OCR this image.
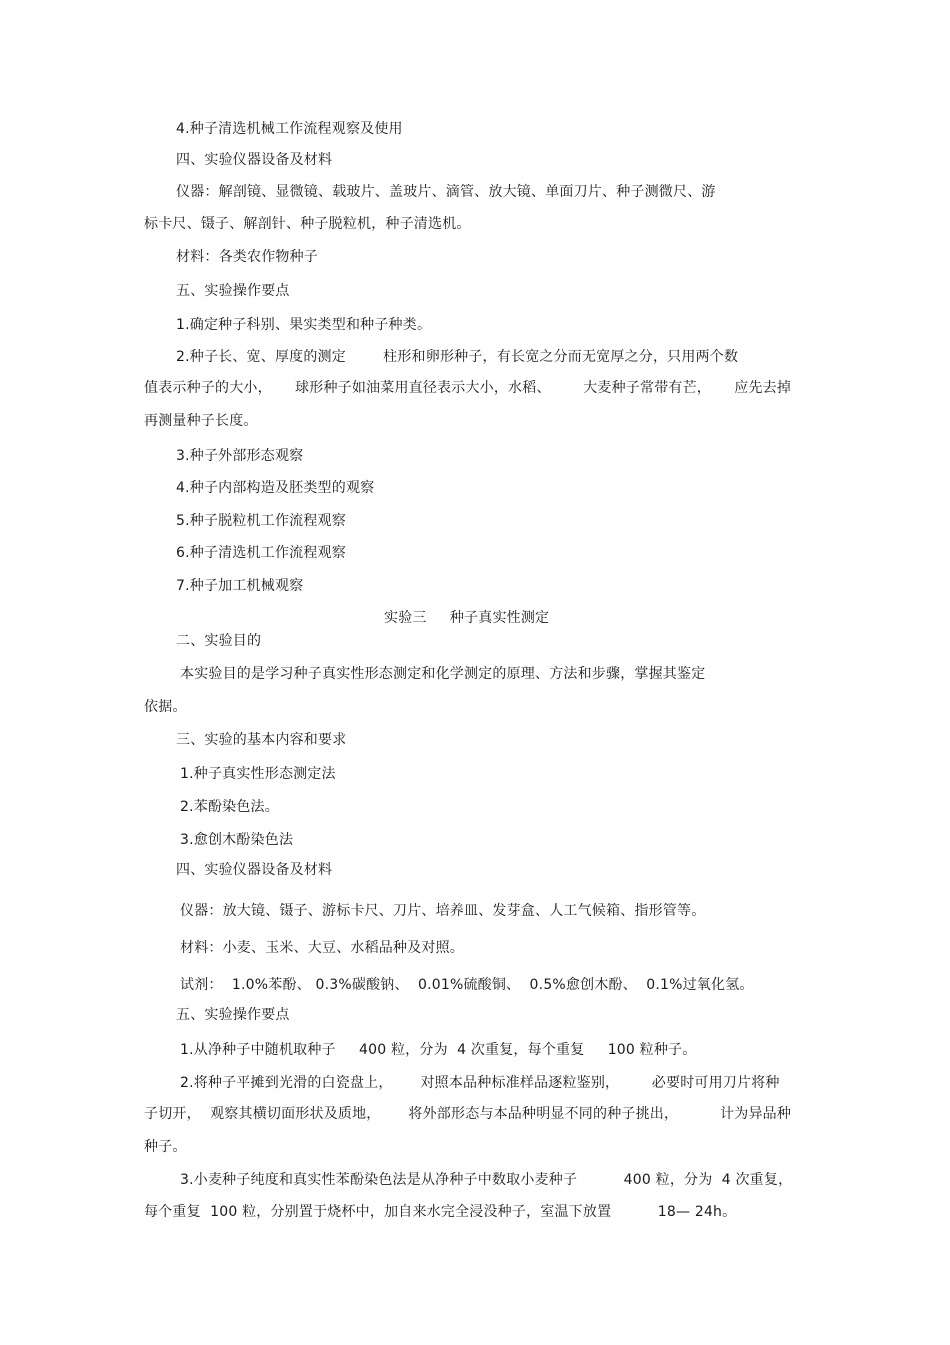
4.种子清选机械工作流程观察及使用
四、实验仪器设备及材料
仪器：解剖镜、显微镜、载玻片、盖玻片、滴管、放大镜、单面刀片、种子测微尺、游
标卡尺、镊子、解剖针、种子脱粒机，种子清选机。
材料：各类农作物种子
五、实验操作要点
1.确定种子科别、果实类型和种子种类。
2.种子长、宽、厚度的测定        柱形和卵形种子，有长宽之分而无宽厚之分，只用两个数
值表示种子的大小，     球形种子如油菜用直径表示大小，水稻、       大麦种子常带有芒，     应先去掉
再测量种子长度。
3.种子外部形态观察
4.种子内部构造及胚类型的观察
5.种子脱粒机工作流程观察
6.种子清选机工作流程观察
7.种子加工机械观察
实验三     种子真实性测定
二、实验目的
本实验目的是学习种子真实性形态测定和化学测定的原理、方法和步骤，掌握其鉴定
依据。
三、实验的基本内容和要求
1.种子真实性形态测定法
2.苯酚染色法。
3.愈创木酚染色法
四、实验仪器设备及材料
仪器：放大镜、镊子、游标卡尺、刀片、培养皿、发芽盒、人工气候箱、指形管等。
材料：小麦、玉米、大豆、水稻品种及对照。
试剂：  1.0%苯酚、 0.3%碳酸钠、  0.01%硫酸铜、  0.5%愈创木酚、  0.1%过氧化氢。
五、实验操作要点
1.从净种子中随机取种子     400 粒，分为  4 次重复，每个重复     100 粒种子。
2.将种子平摊到光滑的白瓷盘上，      对照本品种标准样品逐粒鉴别，       必要时可用刀片将种
子切开，  观察其横切面形状及质地，      将外部形态与本品种明显不同的种子挑出，         计为异品种
种子。
3.小麦种子纯度和真实性苯酚染色法是从净种子中数取小麦种子          400 粒，分为  4 次重复，
每个重复  100 粒，分别置于烧杯中，加自来水完全浸没种子，室温下放置          18— 24h。
